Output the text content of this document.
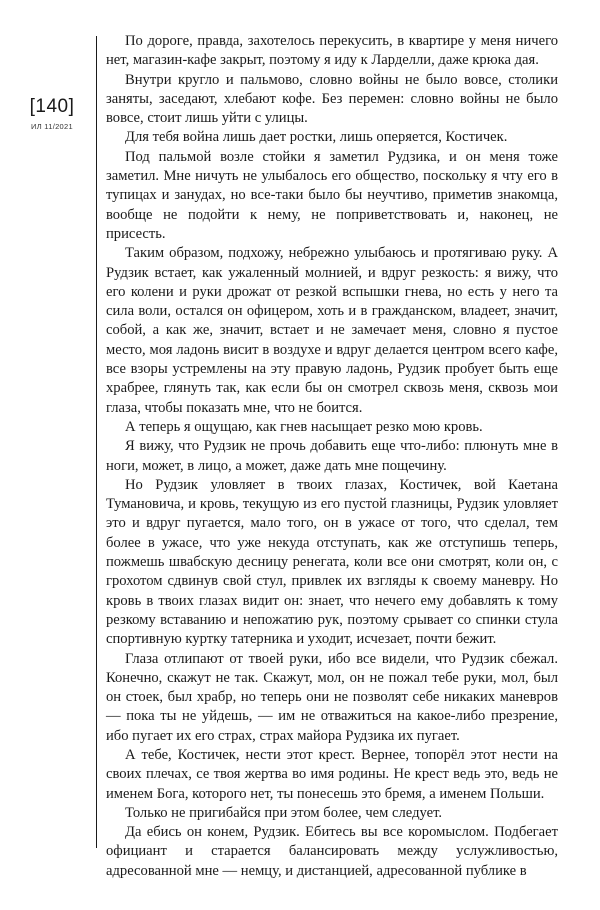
[140]
ИЛ 11/2021

По дороге, правда, захотелось перекусить, в квартире у меня ничего нет, магазин-кафе закрыт, поэтому я иду к Ларделли, даже крюка дая.

Внутри кругло и пальмово, словно войны не было вовсе, столики заняты, заседают, хлебают кофе. Без перемен: словно войны не было вовсе, стоит лишь уйти с улицы.

Для тебя война лишь дает ростки, лишь оперяется, Костичек.

Под пальмой возле стойки я заметил Рудзика, и он меня тоже заметил. Мне ничуть не улыбалось его общество, поскольку я чту его в тупицах и занудах, но все-таки было бы неучтиво, приметив знакомца, вообще не подойти к нему, не поприветствовать и, наконец, не присесть.

Таким образом, подхожу, небрежно улыбаюсь и протягиваю руку. А Рудзик встает, как ужаленный молнией, и вдруг резкость: я вижу, что его колени и руки дрожат от резкой вспышки гнева, но есть у него та сила воли, остался он офицером, хоть и в гражданском, владеет, значит, собой, а как же, значит, встает и не замечает меня, словно я пустое место, моя ладонь висит в воздухе и вдруг делается центром всего кафе, все взоры устремлены на эту правую ладонь, Рудзик пробует быть еще храбрее, глянуть так, как если бы он смотрел сквозь меня, сквозь мои глаза, чтобы показать мне, что не боится.

А теперь я ощущаю, как гнев насыщает резко мою кровь.

Я вижу, что Рудзик не прочь добавить еще что-либо: плюнуть мне в ноги, может, в лицо, а может, даже дать мне пощечину.

Но Рудзик уловляет в твоих глазах, Костичек, вой Каетана Тумановича, и кровь, текущую из его пустой глазницы, Рудзик уловляет это и вдруг пугается, мало того, он в ужасе от того, что сделал, тем более в ужасе, что уже некуда отступать, как же отступишь теперь, пожмешь швабскую десницу ренегата, коли все они смотрят, коли он, с грохотом сдвинув свой стул, привлек их взгляды к своему маневру. Но кровь в твоих глазах видит он: знает, что нечего ему добавлять к тому резкому вставанию и непожатию рук, поэтому срывает со спинки стула спортивную куртку татерника и уходит, исчезает, почти бежит.

Глаза отлипают от твоей руки, ибо все видели, что Рудзик сбежал. Конечно, скажут не так. Скажут, мол, он не пожал тебе руки, мол, был он стоек, был храбр, но теперь они не позволят себе никаких маневров — пока ты не уйдешь, — им не отважиться на какое-либо презрение, ибо пугает их его страх, страх майора Рудзика их пугает.

А тебе, Костичек, нести этот крест. Вернее, топорёл этот нести на своих плечах, се твоя жертва во имя родины. Не крест ведь это, ведь не именем Бога, которого нет, ты понесешь это бремя, а именем Польши.

Только не пригибайся при этом более, чем следует.

Да ебись он конем, Рудзик. Ебитесь вы все коромыслом. Подбегает официант и старается балансировать между услужливостью, адресованной мне — немцу, и дистанцией, адресованной публике в
